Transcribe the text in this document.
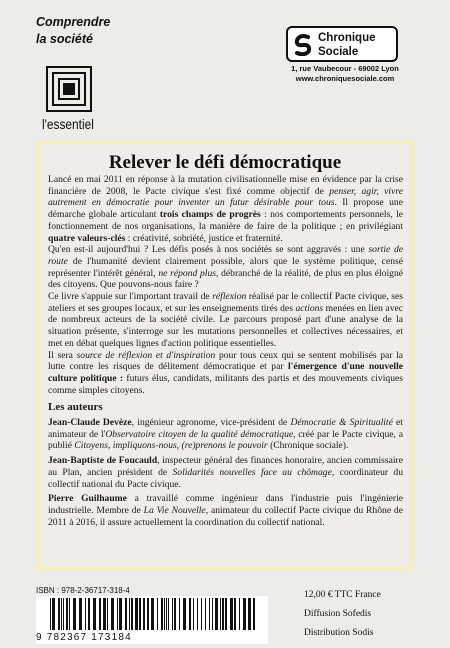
Comprendre
la société
l'essentiel
Chronique
Sociale
1, rue Vaubecour - 69002 Lyon
www.chroniquesociale.com
Relever le défi démocratique

Lancé en mai 2011 en réponse à la mutation civilisationnelle mise en évidence par la crise financière de 2008, le Pacte civique s'est fixé comme objectif de penser, agir, vivre autrement en démocratie pour inventer un futur désirable pour tous. Il propose une démarche globale articulant trois champs de progrès : nos comportements personnels, le fonctionnement de nos organisations, la manière de faire de la politique ; en privilégiant quatre valeurs-clés : créativité, sobriété, justice et fraternité.

Qu'en est-il aujourd'hui ? Les défis posés à nos sociétés se sont aggravés : une sortie de route de l'humanité devient clairement possible, alors que le système politique, censé représenter l'intérêt général, ne répond plus, débranché de la réalité, de plus en plus éloigné des citoyens. Que pouvons-nous faire ?

Ce livre s'appuie sur l'important travail de réflexion réalisé par le collectif Pacte civique, ses ateliers et ses groupes locaux, et sur les enseignements tirés des actions menées en lien avec de nombreux acteurs de la société civile. Le parcours proposé part d'une analyse de la situation présente, s'interroge sur les mutations personnelles et collectives nécessaires, et met en débat quelques lignes d'action politique essentielles.

Il sera source de réflexion et d'inspiration pour tous ceux qui se sentent mobilisés par la lutte contre les risques de délitement démocratique et par l'émergence d'une nouvelle culture politique : futurs élus, candidats, militants des partis et des mouvements civiques comme simples citoyens.

Les auteurs

Jean-Claude Devèze, ingénieur agronome, vice-président de Démocratie & Spiritualité et animateur de l'Observatoire citoyen de la qualité démocratique, créé par le Pacte civique, a publié Citoyens, impliquons-nous, (re)prenons le pouvoir (Chronique sociale).

Jean-Baptiste de Foucauld, inspecteur général des finances honoraire, ancien commissaire au Plan, ancien président de Solidarités nouvelles face au chômage, coordinateur du collectif national du Pacte civique.

Pierre Guilhaume a travaillé comme ingénieur dans l'industrie puis l'ingénierie industrielle. Membre de La Vie Nouvelle, animateur du collectif Pacte civique du Rhône de 2011 à 2016, il assure actuellement la coordination du collectif national.

ISBN : 978-2-36717-318-4
9 782367 173184
12,00 € TTC France
Diffusion Sofedis
Distribution Sodis
